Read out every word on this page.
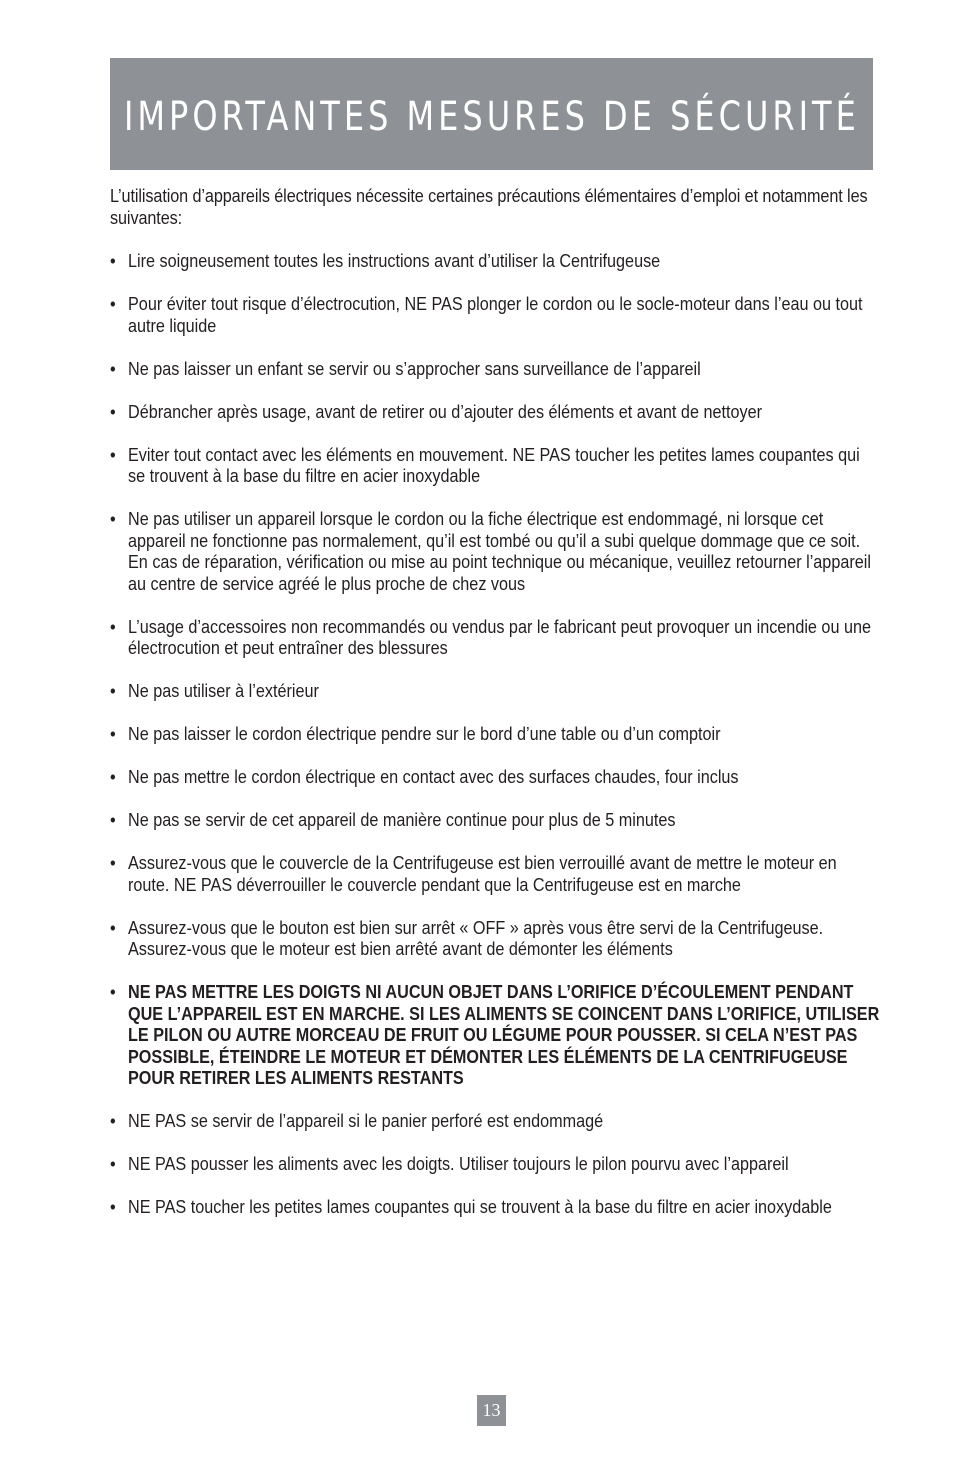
IMPORTANTES MESURES DE SÉCURITÉ

L’utilisation d’appareils électriques nécessite certaines précautions élémentaires d’emploi et notamment les suivantes:

• Lire soigneusement toutes les instructions avant d’utiliser la Centrifugeuse
• Pour éviter tout risque d’électrocution, NE PAS plonger le cordon ou le socle-moteur dans l’eau ou tout autre liquide
• Ne pas laisser un enfant se servir ou s’approcher sans surveillance de l’appareil
• Débrancher après usage, avant de retirer ou d’ajouter des éléments et avant de nettoyer
• Eviter tout contact avec les éléments en mouvement. NE PAS toucher les petites lames coupantes qui se trouvent à la base du filtre en acier inoxydable
• Ne pas utiliser un appareil lorsque le cordon ou la fiche électrique est endommagé, ni lorsque cet appareil ne fonctionne pas normalement, qu’il est tombé ou qu’il a subi quelque dommage que ce soit. En cas de réparation, vérification ou mise au point technique ou mécanique, veuillez retourner l’appareil au centre de service agréé le plus proche de chez vous
• L’usage d’accessoires non recommandés ou vendus par le fabricant peut provoquer un incendie ou une électrocution et peut entraîner des blessures
• Ne pas utiliser à l’extérieur
• Ne pas laisser le cordon électrique pendre sur le bord d’une table ou d’un comptoir
• Ne pas mettre le cordon électrique en contact avec des surfaces chaudes, four inclus
• Ne pas se servir de cet appareil de manière continue pour plus de 5 minutes
• Assurez-vous que le couvercle de la Centrifugeuse est bien verrouillé avant de mettre le moteur en route. NE PAS déverrouiller le couvercle pendant que la Centrifugeuse est en marche
• Assurez-vous que le bouton est bien sur arrêt « OFF » après vous être servi de la Centrifugeuse. Assurez-vous que le moteur est bien arrêté avant de démonter les éléments
• NE PAS METTRE LES DOIGTS NI AUCUN OBJET DANS L’ORIFICE D’ÉCOULEMENT PENDANT QUE L’APPAREIL EST EN MARCHE. SI LES ALIMENTS SE COINCENT DANS L’ORIFICE, UTILISER LE PILON OU AUTRE MORCEAU DE FRUIT OU LÉGUME POUR POUSSER. SI CELA N’EST PAS POSSIBLE, ÉTEINDRE LE MOTEUR ET DÉMONTER LES ÉLÉMENTS DE LA CENTRIFUGEUSE POUR RETIRER LES ALIMENTS RESTANTS
• NE PAS se servir de l’appareil si le panier perforé est endommagé
• NE PAS pousser les aliments avec les doigts. Utiliser toujours le pilon pourvu avec l’appareil
• NE PAS toucher les petites lames coupantes qui se trouvent à la base du filtre en acier inoxydable
13
